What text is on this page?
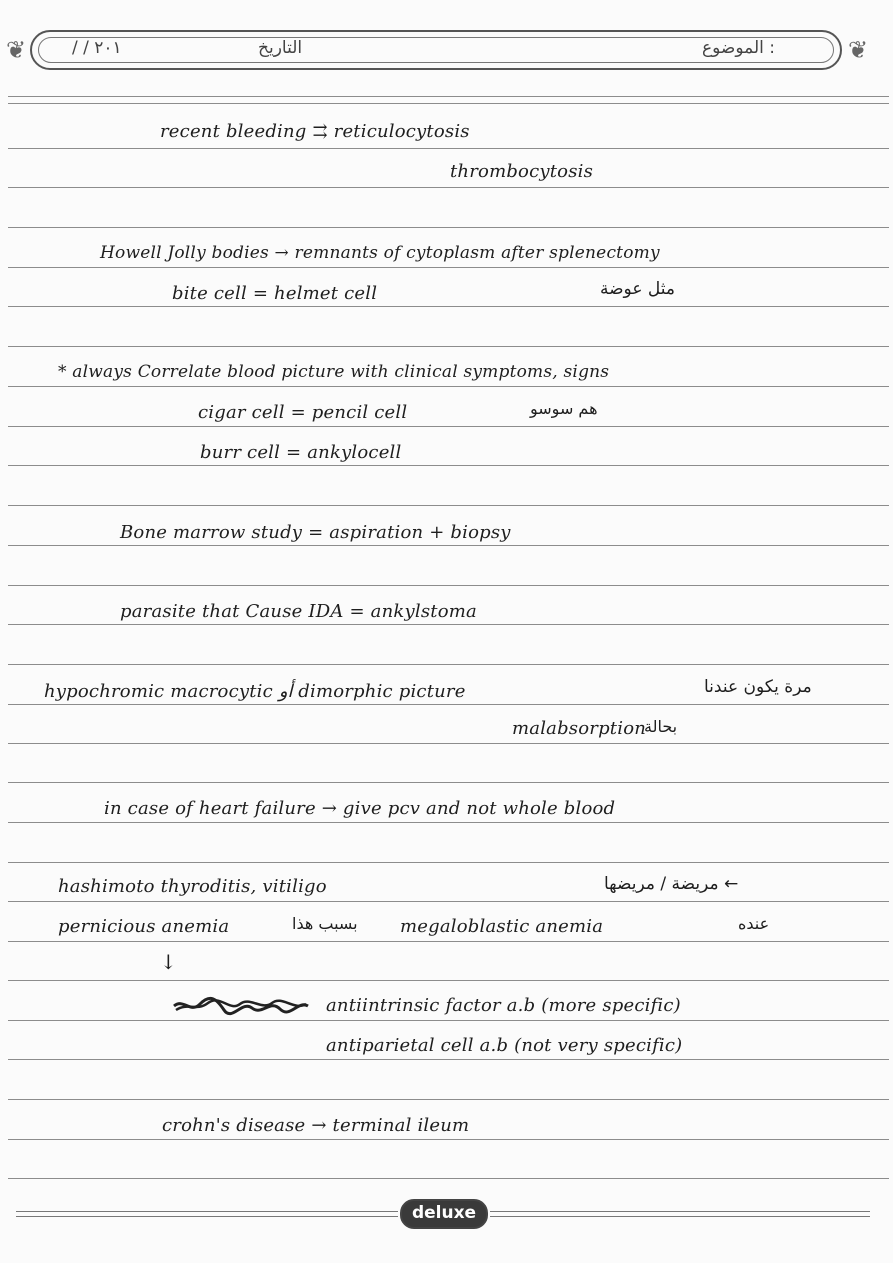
❦	❦
٢٠١ / /	التاريخ	الموضوع :
recent bleeding ⇉ reticulocytosis
thrombocytosis
Howell Jolly bodies → remnants of cytoplasm after splenectomy
bite cell = helmet cell	مثل عوضة
* always Correlate blood picture with clinical symptoms, signs
cigar cell = pencil cell	هم سوسو
burr cell = ankylocell
Bone marrow study = aspiration + biopsy
parasite that Cause IDA = ankylstoma
hypochromic macrocytic أو dimorphic picture	مرة يكون عندنا
malabsorption
بحالة
in case of heart failure → give pcv and not whole blood
hashimoto thyroditis, vitiligo	← مريضة / مريضها
pernicious anemia	بسبب هذا megaloblastic anemia	عنده
↓
antiintrinsic factor a.b (more specific)
antiparietal cell a.b (not very specific)
crohn's disease → terminal ileum
deluxe
